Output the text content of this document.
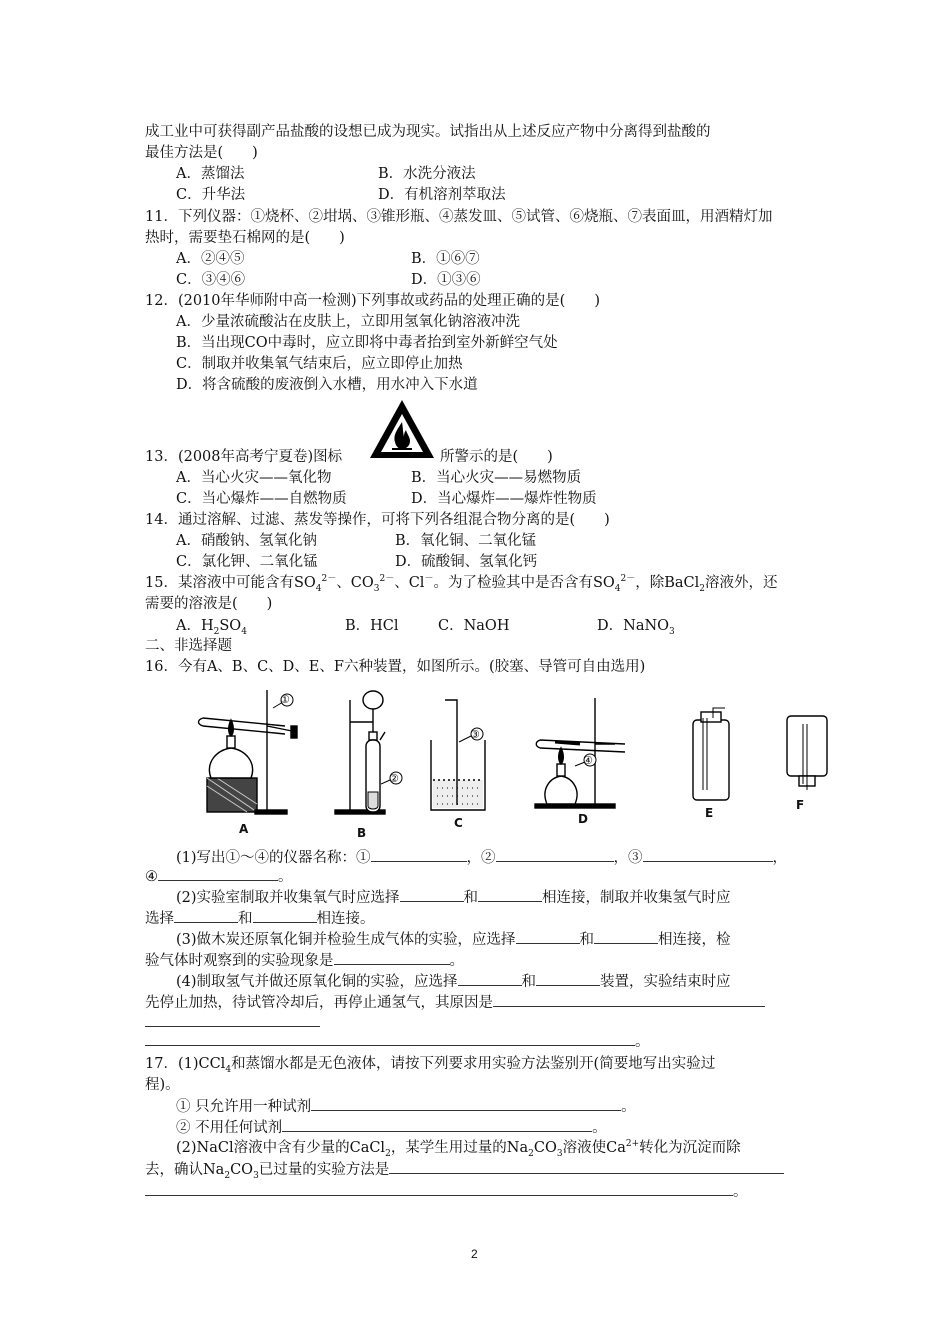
成工业中可获得副产品盐酸的设想已成为现实。试指出从上述反应产物中分离得到盐酸的
最佳方法是(　　)
A．蒸馏法	B．水洗分液法
C．升华法	D．有机溶剂萃取法
11．下列仪器：①烧杯、②坩埚、③锥形瓶、④蒸发皿、⑤试管、⑥烧瓶、⑦表面皿，用酒精灯加
热时，需要垫石棉网的是(　　)
A．②④⑤	B．①⑥⑦
C．③④⑥	D．①③⑥
12．(2010年华师附中高一检测)下列事故或药品的处理正确的是(　　)
A．少量浓硫酸沾在皮肤上，立即用氢氧化钠溶液冲洗
B．当出现CO中毒时，应立即将中毒者抬到室外新鲜空气处
C．制取并收集氧气结束后，应立即停止加热
D．将含硫酸的废液倒入水槽，用水冲入下水道
13．(2008年高考宁夏卷)图标	所警示的是(　　)
A．当心火灾——氧化物	B．当心火灾——易燃物质
C．当心爆炸——自燃物质	D．当心爆炸——爆炸性物质
14．通过溶解、过滤、蒸发等操作，可将下列各组混合物分离的是(　　)
A．硝酸钠、氢氧化钠	B．氧化铜、二氧化锰
C．氯化钾、二氧化锰	D．硫酸铜、氢氧化钙
15．某溶液中可能含有$SO_4^{2-}$、$CO_3^{2-}$、Cl－。为了检验其中是否含有$SO_4^{2-}$，除BaCl$_2$溶液外，还
需要的溶液是(　　)
A．$H_2SO_4$	B．HCl	C．NaOH	D．NaNO$_3$
二、非选择题
16．今有A、B、C、D、E、F六种装置，如图所示。(胶塞、导管可自由选用)
A	B
C	D	E
F
①
②
③
④
(1)写出①～④的仪器名称：①	，②	，③	，
④	。
(2)实验室制取并收集氧气时应选择	和	相连接，制取并收集氢气时应
选择	和	相连接。
(3)做木炭还原氧化铜并检验生成气体的实验，应选择	和	相连接，检
验气体时观察到的实验现象是	。
(4)制取氢气并做还原氧化铜的实验，应选择	和	装置，实验结束时应
先停止加热，待试管冷却后，再停止通氢气，其原因是
。
17．(1)CCl$_4$和蒸馏水都是无色液体，请按下列要求用实验方法鉴别开(简要地写出实验过
程)。
① 只允许用一种试剂	。
② 不用任何试剂	。
(2)NaCl溶液中含有少量的CaCl$_2$，某学生用过量的$Na_2CO_3$溶液使$Ca^{2+}$转化为沉淀而除
去，确认$Na_2CO_3$已过量的实验方法是
。
2
